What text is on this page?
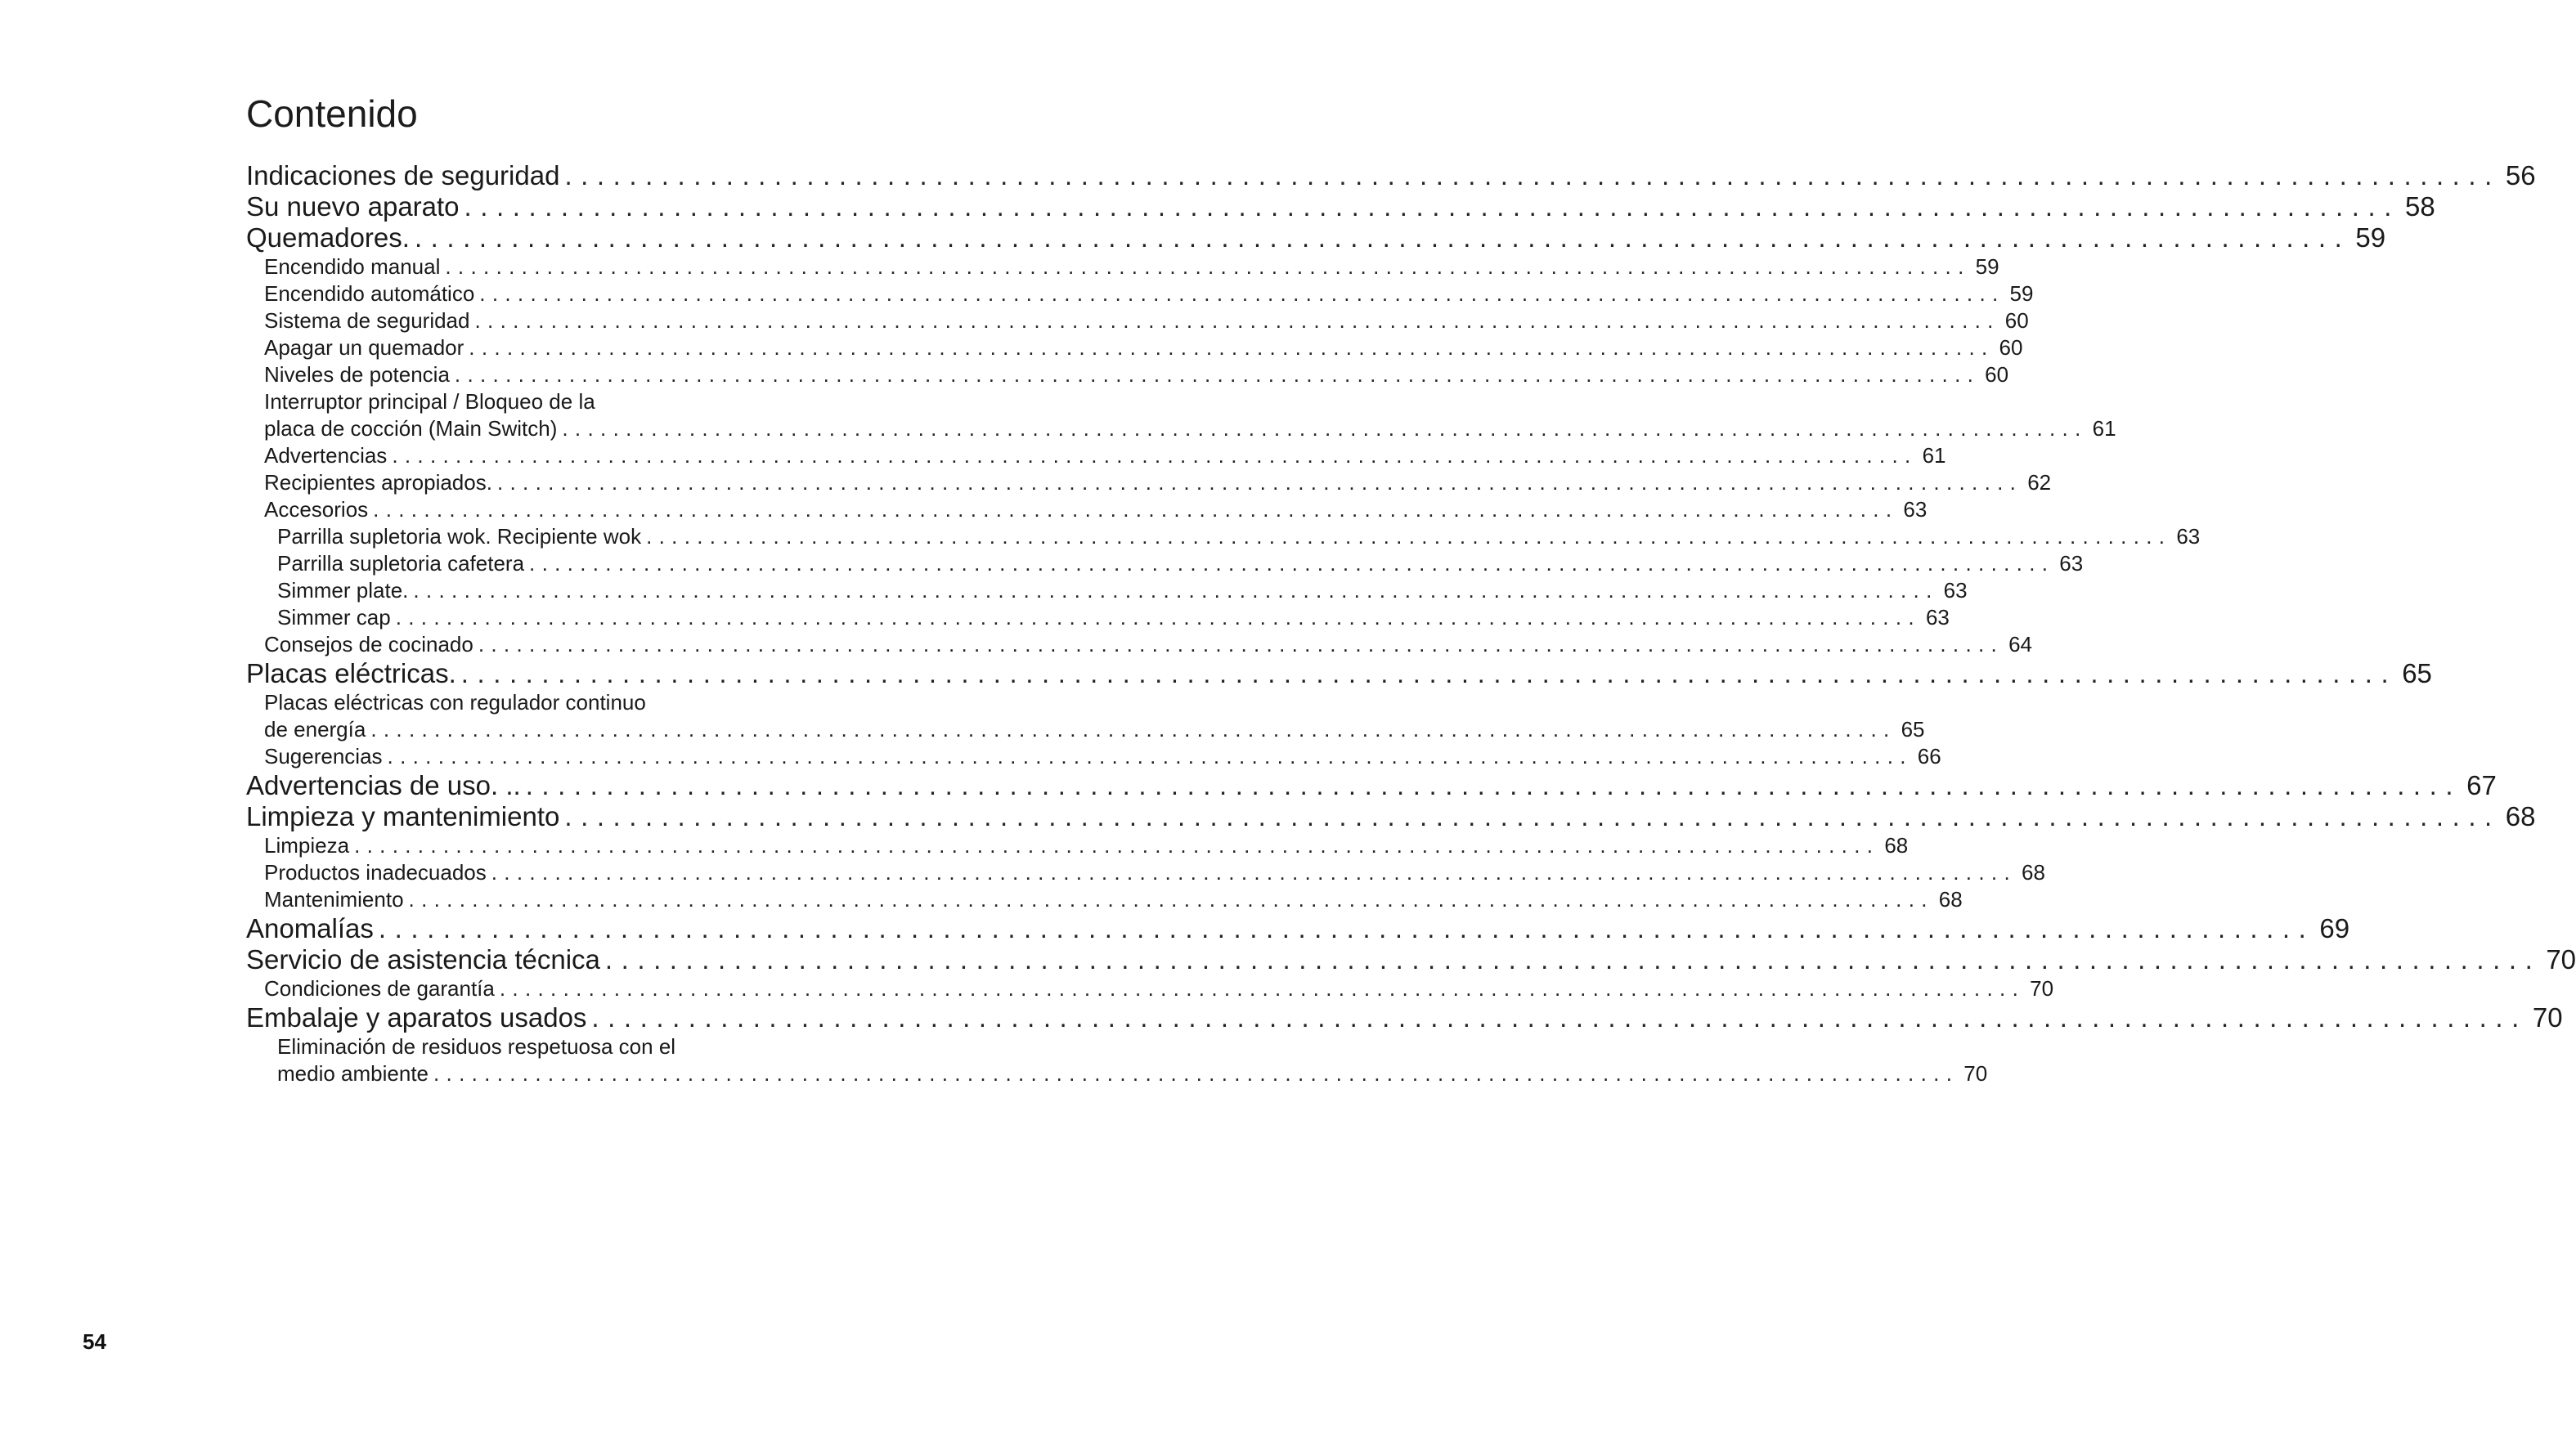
Contenido
Indicaciones de seguridad ........................................................................................................................ 56
Su nuevo aparato ........................................................................................................................ 58
Quemadores. ........................................................................................................................ 59
Encendido manual ........................................................................................................................ 59
Encendido automático ........................................................................................................................ 59
Sistema de seguridad ........................................................................................................................ 60
Apagar un quemador ........................................................................................................................ 60
Niveles de potencia ........................................................................................................................ 60
Interruptor principal / Bloqueo de la
placa de cocción (Main Switch) ........................................................................................................................ 61
Advertencias ........................................................................................................................ 61
Recipientes apropiados. ........................................................................................................................ 62
Accesorios ........................................................................................................................ 63
Parrilla supletoria wok. Recipiente wok ........................................................................................................................ 63
Parrilla supletoria cafetera ........................................................................................................................ 63
Simmer plate. ........................................................................................................................ 63
Simmer cap ........................................................................................................................ 63
Consejos de cocinado ........................................................................................................................ 64
Placas eléctricas. ........................................................................................................................ 65
Placas eléctricas con regulador continuo
de energía ........................................................................................................................ 65
Sugerencias ........................................................................................................................ 66
Advertencias de uso. .. ........................................................................................................................ 67
Limpieza y mantenimiento ........................................................................................................................ 68
Limpieza ........................................................................................................................ 68
Productos inadecuados ........................................................................................................................ 68
Mantenimiento ........................................................................................................................ 68
Anomalías ........................................................................................................................ 69
Servicio de asistencia técnica ........................................................................................................................ 70
Condiciones de garantía ........................................................................................................................ 70
Embalaje y aparatos usados ........................................................................................................................ 70
Eliminación de residuos respetuosa con el
medio ambiente ........................................................................................................................ 70
54
